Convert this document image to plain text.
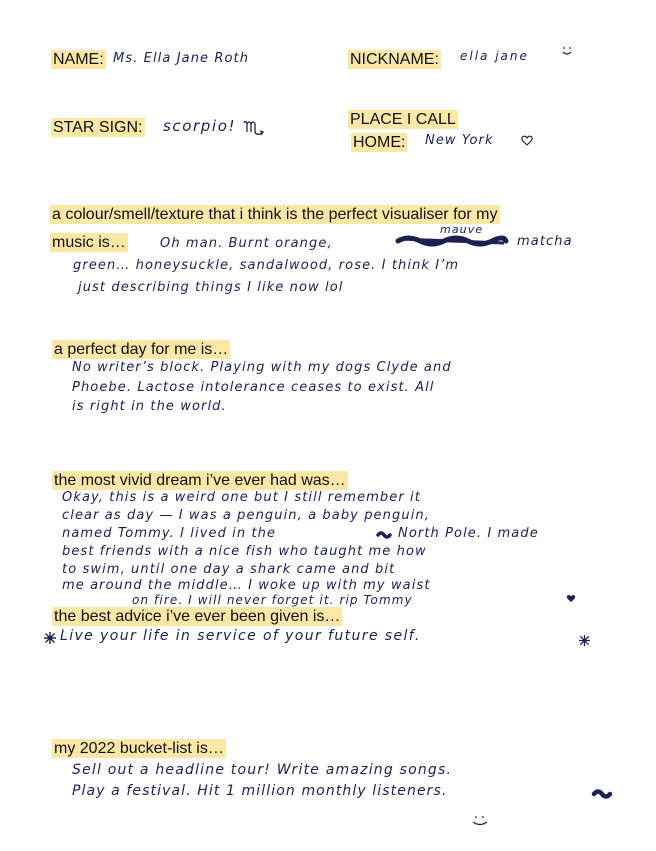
NAME: Ms. Ella Jane Roth	NICKNAME: ella jane
STAR SIGN: scorpio!	PLACE I CALL
HOME: New York
a colour/smell/texture that i think is the perfect visualiser for my
music is…
mauve
Oh man. Burnt orange,	matcha
green… honeysuckle, sandalwood, rose. I think I’m
just describing things I like now lol
a perfect day for me is…
No writer’s block. Playing with my dogs Clyde and
Phoebe. Lactose intolerance ceases to exist. All
is right in the world.
the most vivid dream i’ve ever had was…
Okay, this is a weird one but I still remember it
clear as day — I was a penguin, a baby penguin,
named Tommy. I lived in the	North Pole. I made
best friends with a nice fish who taught me how
to swim, until one day a shark came and bit
me around the middle… I woke up with my waist
on fire. I will never forget it. rip Tommy
the best advice i’ve ever been given is…
Live your life in service of your future self.
my 2022 bucket-list is…
Sell out a headline tour! Write amazing songs.
Play a festival. Hit 1 million monthly listeners.
